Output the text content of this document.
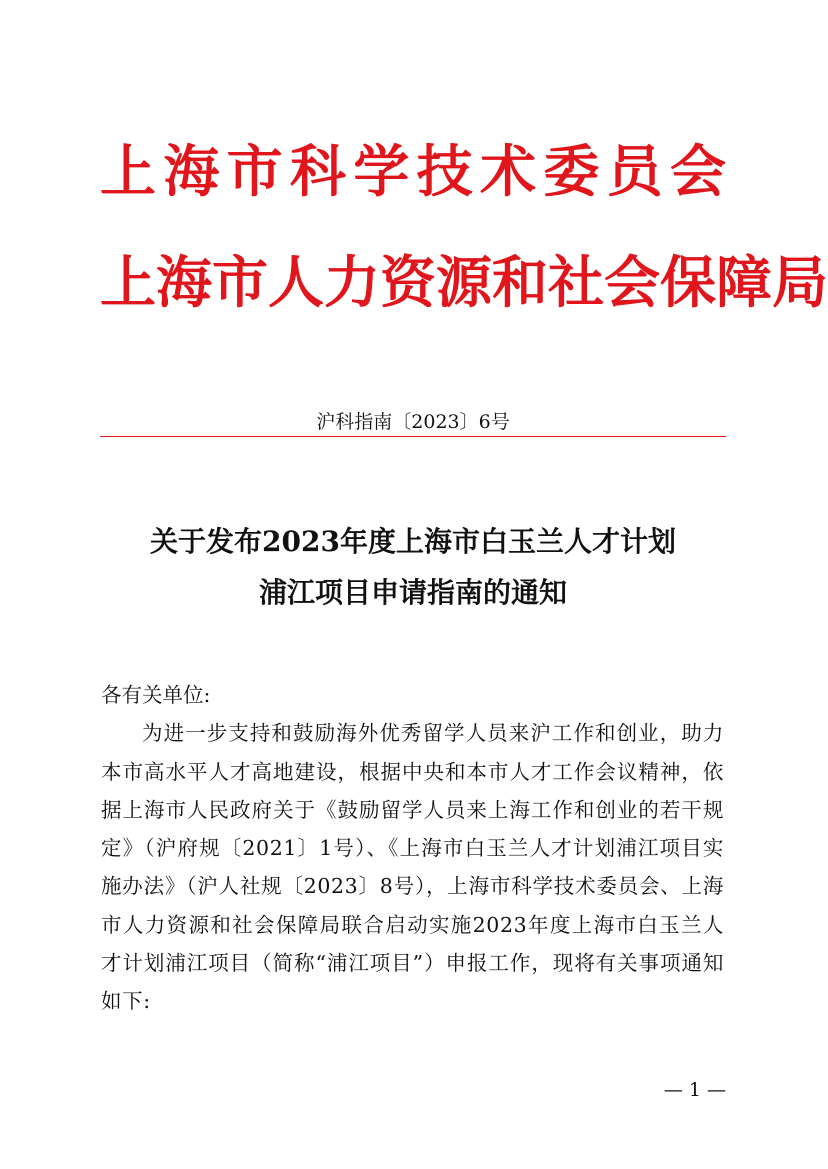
上海市科学技术委员会
上海市人力资源和社会保障局
沪科指南〔2023〕6号
关于发布2023年度上海市白玉兰人才计划
浦江项目申请指南的通知

各有关单位:

为进一步支持和鼓励海外优秀留学人员来沪工作和创业，助力本市高水平人才高地建设，根据中央和本市人才工作会议精神，依据上海市人民政府关于《鼓励留学人员来上海工作和创业的若干规定》（沪府规〔2021〕1号）、《上海市白玉兰人才计划浦江项目实施办法》（沪人社规〔2023〕8号），上海市科学技术委员会、上海市人力资源和社会保障局联合启动实施2023年度上海市白玉兰人才计划浦江项目（简称“浦江项目”）申报工作，现将有关事项通知如下:

— 1 —
